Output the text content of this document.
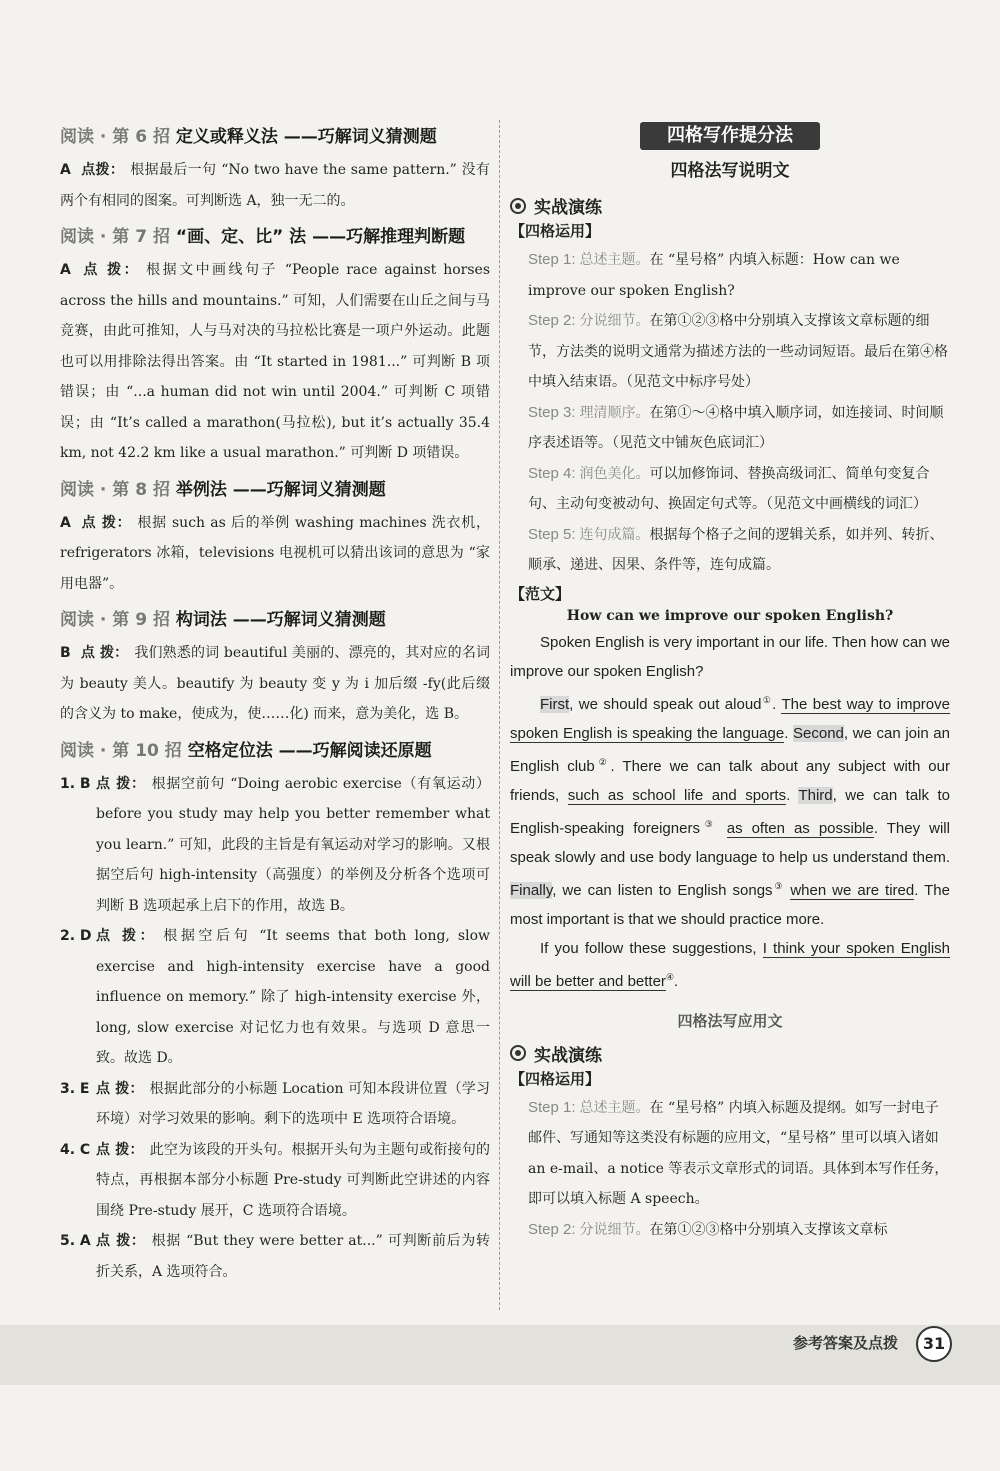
阅读 · 第 6 招 定义或释义法 ——巧解词义猜测题

A 点拨： 根据最后一句 “No two have the same pattern.” 没有两个有相同的图案。可判断选 A，独一无二的。

阅读 · 第 7 招 “画、定、比” 法 ——巧解推理判断题

A 点 拨： 根据文中画线句子 “People race against horses across the hills and mountains.” 可知，人们需要在山丘之间与马竞赛，由此可推知，人与马对决的马拉松比赛是一项户外运动。此题也可以用排除法得出答案。由 “It started in 1981...” 可判断 B 项错误；由 “...a human did not win until 2004.” 可判断 C 项错误；由 “It’s called a marathon(马拉松), but it’s actually 35.4 km, not 42.2 km like a usual marathon.” 可判断 D 项错误。

阅读 · 第 8 招 举例法 ——巧解词义猜测题

A 点 拨： 根据 such as 后的举例 washing machines 洗衣机，refrigerators 冰箱，televisions 电视机可以猜出该词的意思为 “家用电器”。

阅读 · 第 9 招 构词法 ——巧解词义猜测题

B 点 拨： 我们熟悉的词 beautiful 美丽的、漂亮的，其对应的名词为 beauty 美人。beautify 为 beauty 变 y 为 i 加后缀 -fy(此后缀的含义为 to make，使成为，使……化) 而来，意为美化，选 B。

阅读 · 第 10 招 空格定位法 ——巧解阅读还原题
1. B 点 拨： 根据空前句 “Doing aerobic exercise（有氧运动）before you study may help you better remember what you learn.” 可知，此段的主旨是有氧运动对学习的影响。又根据空后句 high-intensity（高强度）的举例及分析各个选项可判断 B 选项起承上启下的作用，故选 B。

2. D 点 拨： 根据空后句 “It seems that both long, slow exercise and high-intensity exercise have a good influence on memory.” 除了 high-intensity exercise 外，long, slow exercise 对记忆力也有效果。与选项 D 意思一致。故选 D。

3. E 点 拨： 根据此部分的小标题 Location 可知本段讲位置（学习环境）对学习效果的影响。剩下的选项中 E 选项符合语境。

4. C 点 拨： 此空为该段的开头句。根据开头句为主题句或衔接句的特点，再根据本部分小标题 Pre-study 可判断此空讲述的内容围绕 Pre-study 展开，C 选项符合语境。

5. A 点 拨： 根据 “But they were better at...” 可判断前后为转折关系，A 选项符合。

四格写作提分法
四格法写说明文
实战演练
【四格运用】

Step 1: 总述主题。在 “星号格” 内填入标题：How can we improve our spoken English?

Step 2: 分说细节。在第①②③格中分别填入支撑该文章标题的细节，方法类的说明文通常为描述方法的一些动词短语。最后在第④格中填入结束语。（见范文中标序号处）

Step 3: 理清顺序。在第①～④格中填入顺序词，如连接词、时间顺序表述语等。（见范文中铺灰色底词汇）

Step 4: 润色美化。可以加修饰词、替换高级词汇、简单句变复合句、主动句变被动句、换固定句式等。（见范文中画横线的词汇）

Step 5: 连句成篇。根据每个格子之间的逻辑关系，如并列、转折、顺承、递进、因果、条件等，连句成篇。

【范文】
How can we improve our spoken English?

Spoken English is very important in our life. Then how can we improve our spoken English?

First, we should speak out aloud①. The best way to improve spoken English is speaking the language. Second, we can join an English club②. There we can talk about any subject with our friends, such as school life and sports. Third, we can talk to English-speaking foreigners③ as often as possible. They will speak slowly and use body language to help us understand them. Finally, we can listen to English songs③ when we are tired. The most important is that we should practice more.

If you follow these suggestions, I think your spoken English will be better and better④.

四格法写应用文
实战演练
【四格运用】

Step 1: 总述主题。在 “星号格” 内填入标题及提纲。如写一封电子邮件、写通知等这类没有标题的应用文，“星号格” 里可以填入诸如 an e-mail、a notice 等表示文章形式的词语。具体到本写作任务，即可以填入标题 A speech。

Step 2: 分说细节。在第①②③格中分别填入支撑该文章标

参考答案及点拨	31
